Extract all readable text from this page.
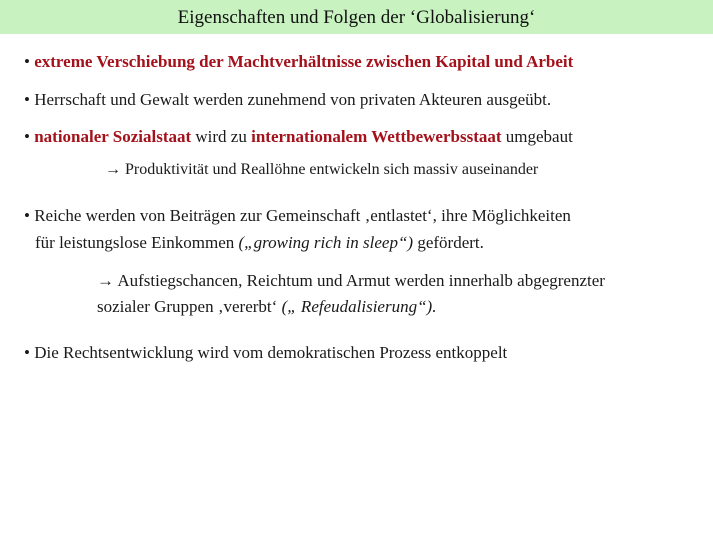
Eigenschaften und Folgen der ‘Globalisierung‘
• extreme Verschiebung der Machtverhältnisse zwischen Kapital und Arbeit
• Herrschaft und Gewalt werden zunehmend von privaten Akteuren ausgeübt.
• nationaler Sozialstaat wird zu internationalem Wettbewerbsstaat umgebaut
→ Produktivität und Reallöhne entwickeln sich massiv auseinander
• Reiche werden von Beiträgen zur Gemeinschaft ‚entlastet‘, ihre Möglichkeiten
für leistungslose Einkommen („growing rich in sleep“) gefördert.
→ Aufstiegschancen, Reichtum und Armut werden innerhalb abgegrenzter
sozialer Gruppen ‚vererbt‘ („ Refeudalisierung“).
• Die Rechtsentwicklung wird vom demokratischen Prozess entkoppelt
